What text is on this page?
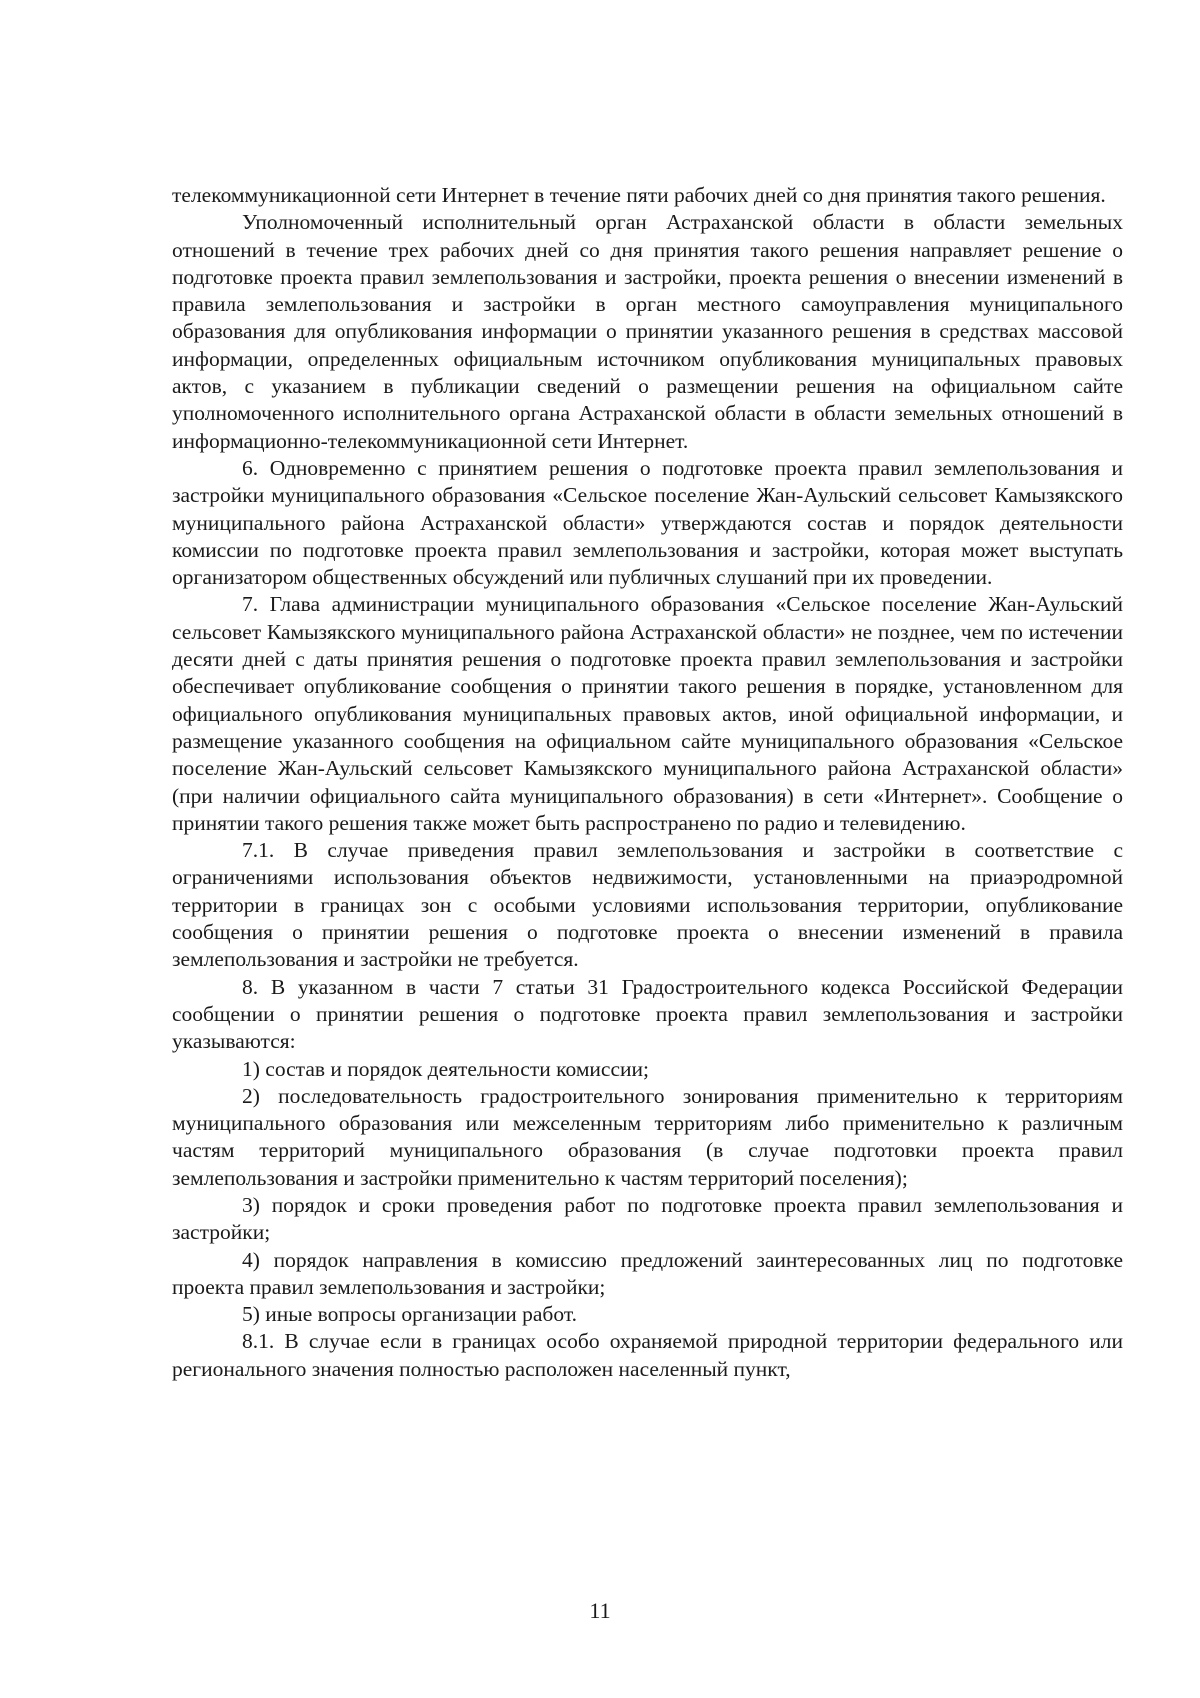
телекоммуникационной сети Интернет в течение пяти рабочих дней со дня принятия такого решения.

Уполномоченный исполнительный орган Астраханской области в области земельных отношений в течение трех рабочих дней со дня принятия такого решения направляет решение о подготовке проекта правил землепользования и застройки, проекта решения о внесении изменений в правила землепользования и застройки в орган местного самоуправления муниципального образования для опубликования информации о принятии указанного решения в средствах массовой информации, определенных официальным источником опубликования муниципальных правовых актов, с указанием в публикации сведений о размещении решения на официальном сайте уполномоченного исполнительного органа Астраханской области в области земельных отношений в информационно-телекоммуникационной сети Интернет.

6. Одновременно с принятием решения о подготовке проекта правил землепользования и застройки муниципального образования «Сельское поселение Жан-Аульский сельсовет Камызякского муниципального района Астраханской области» утверждаются состав и порядок деятельности комиссии по подготовке проекта правил землепользования и застройки, которая может выступать организатором общественных обсуждений или публичных слушаний при их проведении.

7. Глава администрации муниципального образования «Сельское поселение Жан-Аульский сельсовет Камызякского муниципального района Астраханской области» не позднее, чем по истечении десяти дней с даты принятия решения о подготовке проекта правил землепользования и застройки обеспечивает опубликование сообщения о принятии такого решения в порядке, установленном для официального опубликования муниципальных правовых актов, иной официальной информации, и размещение указанного сообщения на официальном сайте муниципального образования «Сельское поселение Жан-Аульский сельсовет Камызякского муниципального района Астраханской области» (при наличии официального сайта муниципального образования) в сети «Интернет». Сообщение о принятии такого решения также может быть распространено по радио и телевидению.

7.1. В случае приведения правил землепользования и застройки в соответствие с ограничениями использования объектов недвижимости, установленными на приаэродромной территории в границах зон с особыми условиями использования территории, опубликование сообщения о принятии решения о подготовке проекта о внесении изменений в правила землепользования и застройки не требуется.

8. В указанном в части 7 статьи 31 Градостроительного кодекса Российской Федерации сообщении о принятии решения о подготовке проекта правил землепользования и застройки указываются:

1) состав и порядок деятельности комиссии;

2) последовательность градостроительного зонирования применительно к территориям муниципального образования или межселенным территориям либо применительно к различным частям территорий муниципального образования (в случае подготовки проекта правил землепользования и застройки применительно к частям территорий поселения);

3) порядок и сроки проведения работ по подготовке проекта правил землепользования и застройки;

4) порядок направления в комиссию предложений заинтересованных лиц по подготовке проекта правил землепользования и застройки;

5) иные вопросы организации работ.

8.1. В случае если в границах особо охраняемой природной территории федерального или регионального значения полностью расположен населенный пункт,

11
